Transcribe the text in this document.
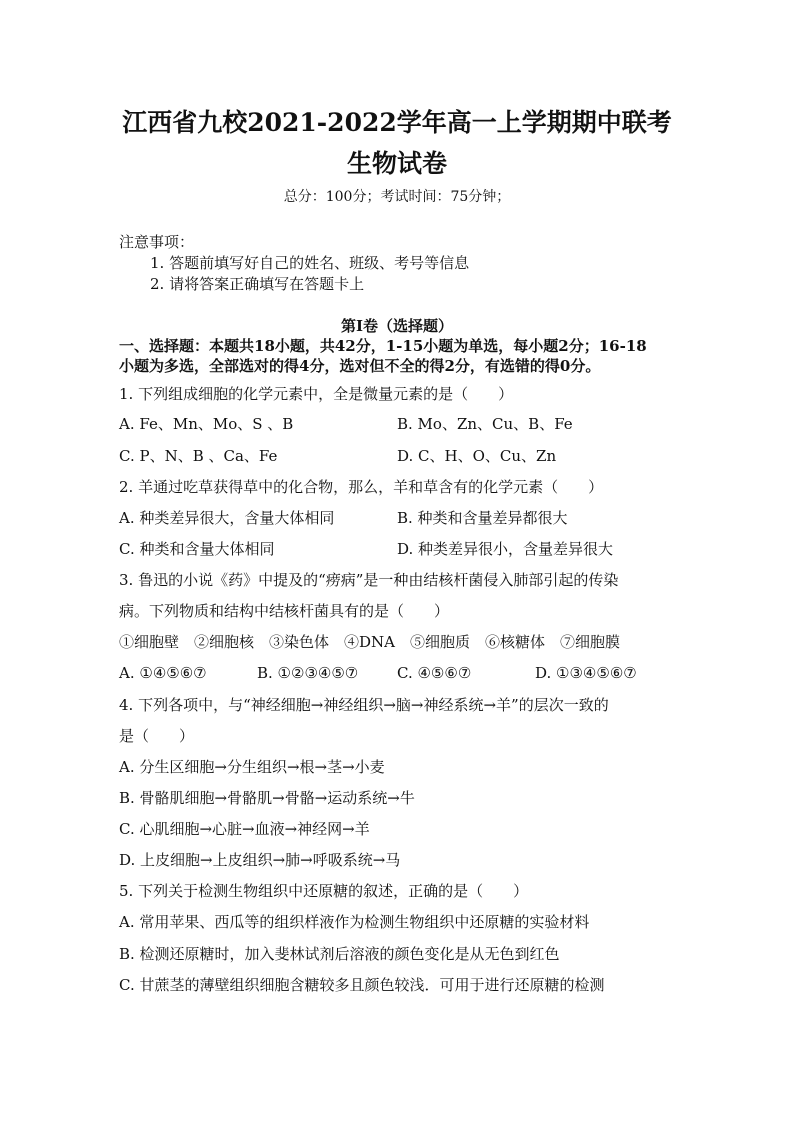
江西省九校2021-2022学年高一上学期期中联考
生物试卷
总分：100分；考试时间：75分钟；
注意事项：
1. 答题前填写好自己的姓名、班级、考号等信息
2. 请将答案正确填写在答题卡上
第I卷（选择题）
一、选择题：本题共18小题，共42分，1-15小题为单选，每小题2分；16-18
小题为多选，全部选对的得4分，选对但不全的得2分，有选错的得0分。
1. 下列组成细胞的化学元素中，全是微量元素的是（　　）
A. Fe、Mn、Mo、S 、B	B. Mo、Zn、Cu、B、Fe
C. P、N、B 、Ca、Fe	D. C、H、O、Cu、Zn
2. 羊通过吃草获得草中的化合物，那么，羊和草含有的化学元素（　　）
A. 种类差异很大，含量大体相同	B. 种类和含量差异都很大
C. 种类和含量大体相同	D. 种类差异很小，含量差异很大
3. 鲁迅的小说《药》中提及的“痨病”是一种由结核杆菌侵入肺部引起的传染
病。下列物质和结构中结核杆菌具有的是（　　）
①细胞壁　②细胞核　③染色体　④DNA　⑤细胞质　⑥核糖体　⑦细胞膜
A. ①④⑤⑥⑦	B. ①②③④⑤⑦	C. ④⑤⑥⑦	D. ①③④⑤⑥⑦
4. 下列各项中，与“神经细胞→神经组织→脑→神经系统→羊”的层次一致的
是（　　）
A. 分生区细胞→分生组织→根→茎→小麦
B. 骨骼肌细胞→骨骼肌→骨骼→运动系统→牛
C. 心肌细胞→心脏→血液→神经网→羊
D. 上皮细胞→上皮组织→肺→呼吸系统→马
5. 下列关于检测生物组织中还原糖的叙述，正确的是（　　）
A. 常用苹果、西瓜等的组织样液作为检测生物组织中还原糖的实验材料
B. 检测还原糖时，加入斐林试剂后溶液的颜色变化是从无色到红色
C. 甘蔗茎的薄壁组织细胞含糖较多且颜色较浅．可用于进行还原糖的检测
